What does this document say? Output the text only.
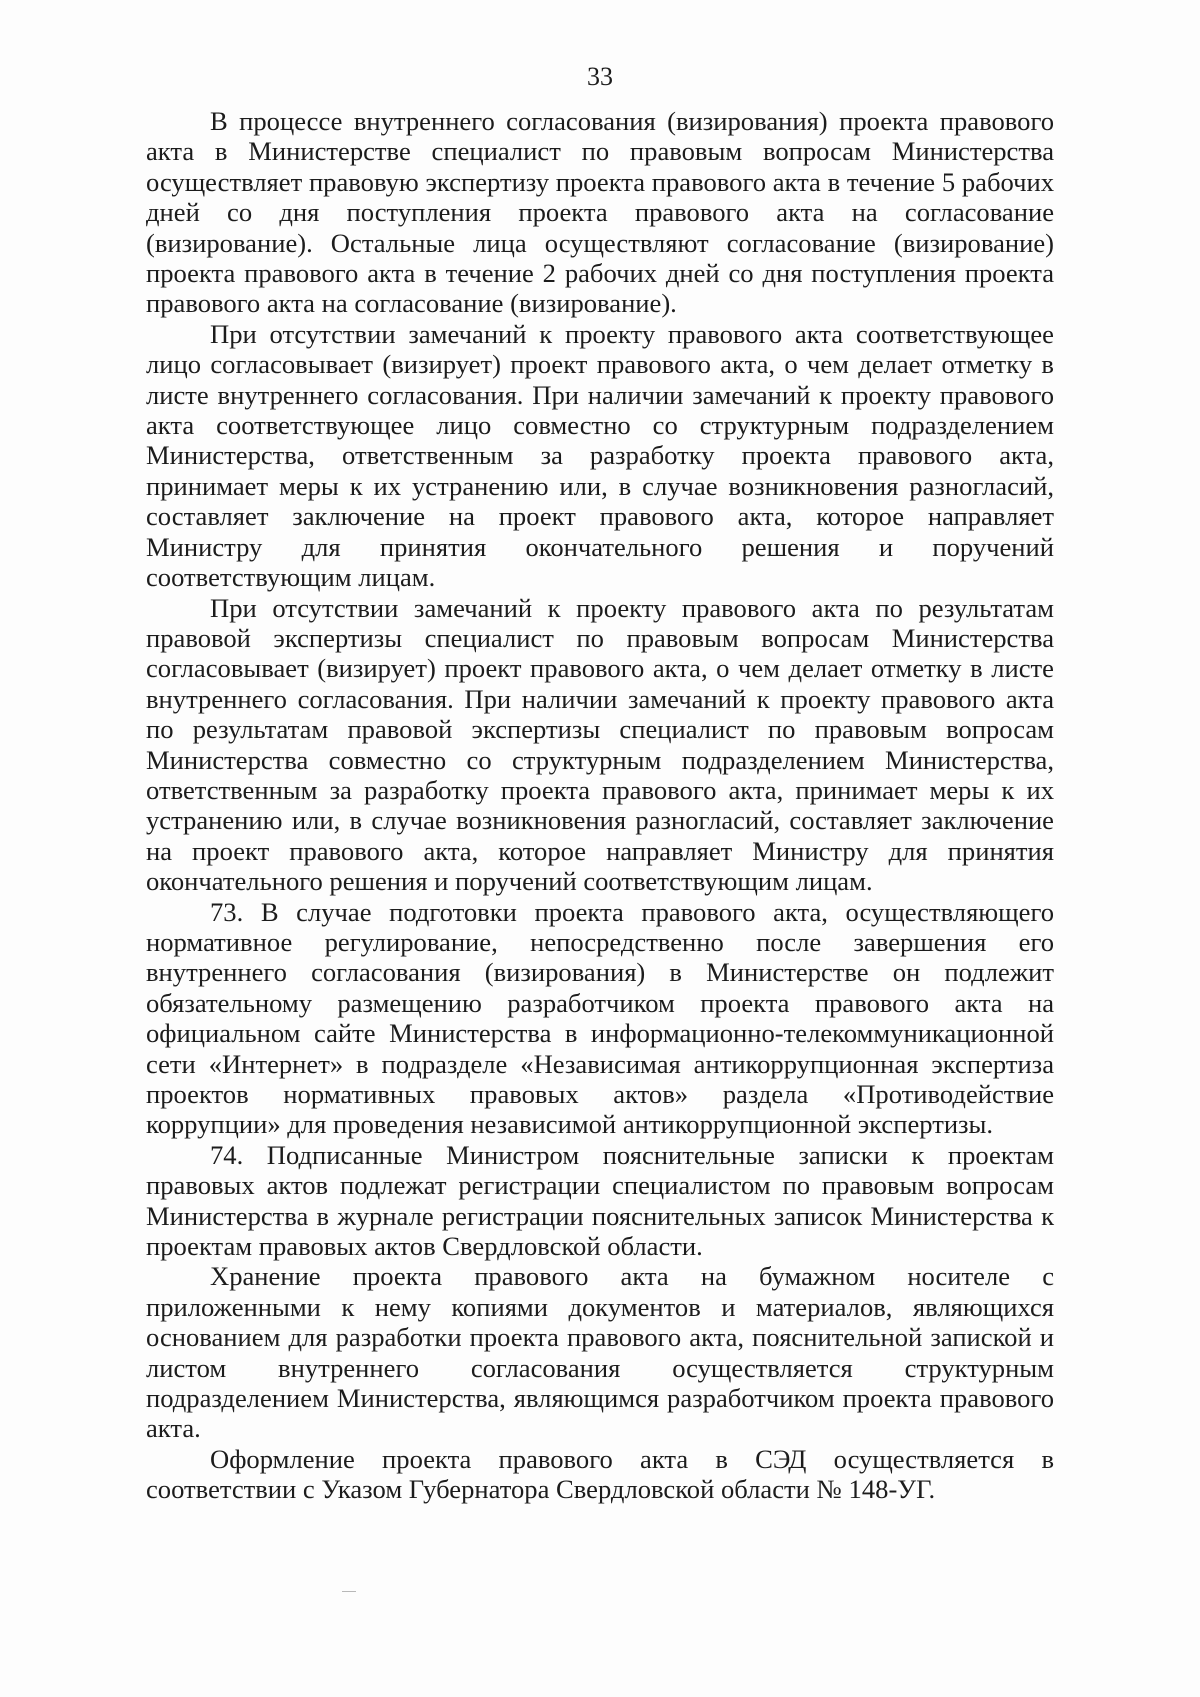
33

В процессе внутреннего согласования (визирования) проекта правового акта в Министерстве специалист по правовым вопросам Министерства осуществляет правовую экспертизу проекта правового акта в течение 5 рабочих дней со дня поступления проекта правового акта на согласование (визирование). Остальные лица осуществляют согласование (визирование) проекта правового акта в течение 2 рабочих дней со дня поступления проекта правового акта на согласование (визирование).

При отсутствии замечаний к проекту правового акта соответствующее лицо согласовывает (визирует) проект правового акта, о чем делает отметку в листе внутреннего согласования. При наличии замечаний к проекту правового акта соответствующее лицо совместно со структурным подразделением Министерства, ответственным за разработку проекта правового акта, принимает меры к их устранению или, в случае возникновения разногласий, составляет заключение на проект правового акта, которое направляет Министру для принятия окончательного решения и поручений соответствующим лицам.

При отсутствии замечаний к проекту правового акта по результатам правовой экспертизы специалист по правовым вопросам Министерства согласовывает (визирует) проект правового акта, о чем делает отметку в листе внутреннего согласования. При наличии замечаний к проекту правового акта по результатам правовой экспертизы специалист по правовым вопросам Министерства совместно со структурным подразделением Министерства, ответственным за разработку проекта правового акта, принимает меры к их устранению или, в случае возникновения разногласий, составляет заключение на проект правового акта, которое направляет Министру для принятия окончательного решения и поручений соответствующим лицам.

73. В случае подготовки проекта правового акта, осуществляющего нормативное регулирование, непосредственно после завершения его внутреннего согласования (визирования) в Министерстве он подлежит обязательному размещению разработчиком проекта правового акта на официальном сайте Министерства в информационно-телекоммуникационной сети «Интернет» в подразделе «Независимая антикоррупционная экспертиза проектов нормативных правовых актов» раздела «Противодействие коррупции» для проведения независимой антикоррупционной экспертизы.

74. Подписанные Министром пояснительные записки к проектам правовых актов подлежат регистрации специалистом по правовым вопросам Министерства в журнале регистрации пояснительных записок Министерства к проектам правовых актов Свердловской области.

Хранение проекта правового акта на бумажном носителе с приложенными к нему копиями документов и материалов, являющихся основанием для разработки проекта правового акта, пояснительной запиской и листом внутреннего согласования осуществляется структурным подразделением Министерства, являющимся разработчиком проекта правового акта.

Оформление проекта правового акта в СЭД осуществляется в соответствии с Указом Губернатора Свердловской области № 148-УГ.
